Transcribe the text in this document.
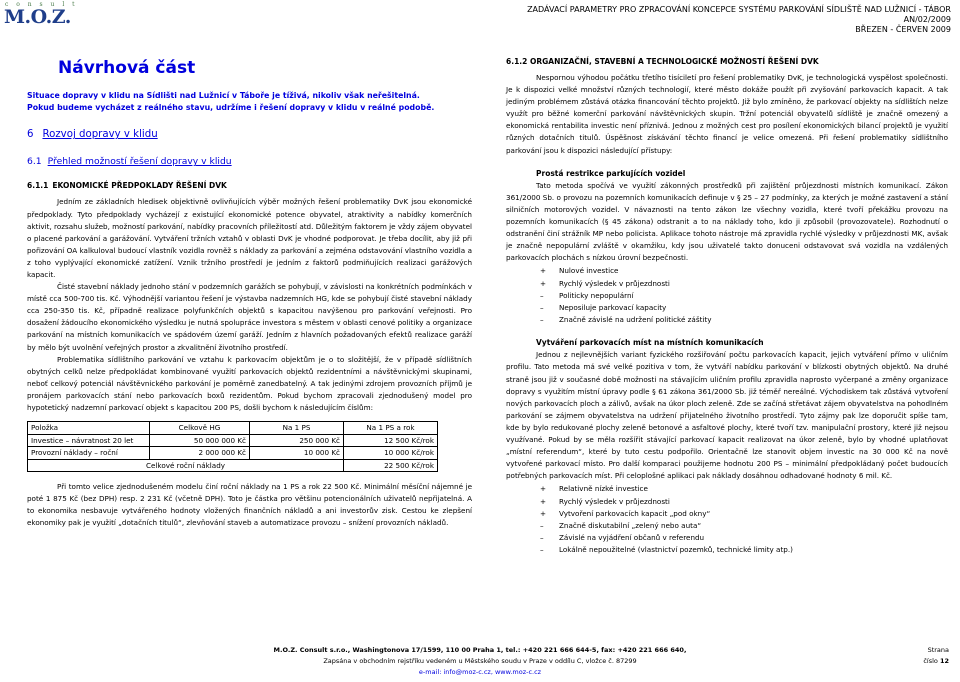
c o n s u l t
M.O.Z.	ZADÁVACÍ PARAMETRY PRO ZPRACOVÁNÍ KONCEPCE SYSTÉMU PARKOVÁNÍ SÍDLIŠTĚ NAD LUŽNICÍ - TÁBOR
AN/02/2009
BŘEZEN - ČERVEN 2009
Návrhová část
Situace dopravy v klidu na Sídlišti nad Lužnicí v Táboře je tíživá, nikoliv však neřešitelná.
Pokud budeme vycházet z reálného stavu, udržíme i řešení dopravy v klidu v reálné podobě.
6 Rozvoj dopravy v klidu
6.1 Přehled možností řešení dopravy v klidu
6.1.1 EKONOMICKÉ PŘEDPOKLADY ŘEŠENÍ DVK

Jedním ze základních hledisek objektivně ovlivňujících výběr možných řešení problematiky DvK jsou ekonomické předpoklady. Tyto předpoklady vycházejí z existující ekonomické potence obyvatel, atraktivity a nabídky komerčních aktivit, rozsahu služeb, možností parkování, nabídky pracovních příležitostí atd. Důležitým faktorem je vždy zájem obyvatel o placené parkování a garážování. Vytváření tržních vztahů v oblasti DvK je vhodné podporovat. Je třeba docílit, aby již při pořizování OA kalkuloval budoucí vlastník vozidla rovněž s náklady za parkování a zejména odstavování vlastního vozidla a z toho vyplývající ekonomické zatížení. Vznik tržního prostředí je jedním z faktorů podmiňujících realizaci garážových kapacit.

Čisté stavební náklady jednoho stání v podzemních garážích se pohybují, v závislosti na konkrétních podmínkách v místě cca 500-700 tis. Kč. Výhodnější variantou řešení je výstavba nadzemních HG, kde se pohybují čisté stavební náklady cca 250-350 tis. Kč, případně realizace polyfunkčních objektů s kapacitou navýšenou pro parkování veřejnosti. Pro dosažení žádoucího ekonomického výsledku je nutná spolupráce investora s městem v oblasti cenové politiky a organizace parkování na místních komunikacích ve spádovém území garáží. Jedním z hlavních požadovaných efektů realizace garáží by mělo být uvolnění veřejných prostor a zkvalitnění životního prostředí.

Problematika sídlištního parkování ve vztahu k parkovacím objektům je o to složitější, že v případě sídlištních obytných celků nelze předpokládat kombinované využití parkovacích objektů rezidentními a návštěvnickými skupinami, neboť celkový potenciál návštěvnického parkování je poměrně zanedbatelný. A tak jedinými zdrojem provozních příjmů je pronájem parkovacích stání nebo parkovacích boxů rezidentům. Pokud bychom zpracovali zjednodušený model pro hypotetický nadzemní parkovací objekt s kapacitou 200 PS, došli bychom k následujícím číslům:

Položka	Celkově HG	Na 1 PS	Na 1 PS a rok
Investice – návratnost 20 let	50 000 000 Kč	250 000 Kč	12 500 Kč/rok
Provozní náklady – roční	2 000 000 Kč	10 000 Kč	10 000 Kč/rok
Celkové roční náklady			22 500 Kč/rok

Při tomto velice zjednodušeném modelu činí roční náklady na 1 PS a rok 22 500 Kč. Minimální měsíční nájemné je poté 1 875 Kč (bez DPH) resp. 2 231 Kč (včetně DPH). Toto je částka pro většinu potencionálních uživatelů nepřijatelná. A to ekonomika nesbavuje vytvářeného hodnoty vložených finančních nákladů a ani investorův zisk. Cestou ke zlepšení ekonomiky pak je využití „dotačních titulů“, zlevňování staveb a automatizace provozu – snížení provozních nákladů.

6.1.2 ORGANIZAČNÍ, STAVEBNÍ A TECHNOLOGICKÉ MOŽNOSTÍ ŘEŠENÍ DVK

Nespornou výhodou počátku třetího tisíciletí pro řešení problematiky DvK, je technologická vyspělost společnosti. Je k dispozici velké množství různých technologií, které město dokáže použít při zvyšování parkovacích kapacit. A tak jediným problémem zůstává otázka financování těchto projektů. Již bylo zmíněno, že parkovací objekty na sídlištích nelze využít pro běžné komerční parkování návštěvnických skupin. Tržní potenciál obyvatelů sídliště je značně omezený a ekonomická rentabilita investic není příznivá. Jednou z možných cest pro posílení ekonomických bilancí projektů je využití různých dotačních titulů. Úspěšnost získávání těchto financí je velice omezená. Při řešení problematiky sídlištního parkování jsou k dispozici následující přístupy:

Prostá restrikce parkujících vozidel

Tato metoda spočívá ve využití zákonných prostředků při zajištění průjezdnosti místních komunikací. Zákon 361/2000 Sb. o provozu na pozemních komunikacích definuje v § 25 – 27 podmínky, za kterých je možné zastavení a stání silničních motorových vozidel. V návaznosti na tento zákon lze všechny vozidla, které tvoří překážku provozu na pozemních komunikacích (§ 45 zákona) odstranit a to na náklady toho, kdo ji způsobil (provozovatele). Rozhodnutí o odstranění činí strážník MP nebo policista. Aplikace tohoto nástroje má zpravidla rychlé výsledky v průjezdnosti MK, avšak je značně nepopulární zvláště v okamžiku, kdy jsou uživatelé takto donuceni odstavovat svá vozidla na vzdálených parkovacích plochách s nízkou úrovní bezpečnosti.

+	Nulové investice
+	Rychlý výsledek v průjezdnosti
–	Politicky nepopulární
–	Neposiluje parkovací kapacity
–	Značně závislé na udržení politické záštity
Vytváření parkovacích míst na místních komunikacích

Jednou z nejlevnějších variant fyzického rozšiřování počtu parkovacích kapacit, jejich vytváření přímo v uličním profilu. Tato metoda má své velké pozitiva v tom, že vytváří nabídku parkování v blízkosti obytných objektů. Na druhé straně jsou již v současné době možnosti na stávajícím uličním profilu zpravidla naprosto vyčerpané a změny organizace dopravy s využitím místní úpravy podle § 61 zákona 361/2000 Sb. již téměř nereálné. Východiskem tak zůstává vytvoření nových parkovacích ploch a zálivů, avšak na úkor ploch zeleně. Zde se začíná střetávat zájem obyvatelstva na pohodlném parkování se zájmem obyvatelstva na udržení přijatelného životního prostředí. Tyto zájmy pak lze doporučit spíše tam, kde by bylo redukované plochy zeleně betonové a asfaltové plochy, které tvoří tzv. manipulační prostory, které již nejsou využívané. Pokud by se měla rozšířit stávající parkovací kapacit realizovat na úkor zeleně, bylo by vhodné uplatňovat „místní referendum“, které by tuto cestu podpořilo. Orientačně lze stanovit objem investic na 30 000 Kč na nově vytvořené parkovací místo. Pro další komparaci použijeme hodnotu 200 PS – minimální předpokládaný počet budoucích potřebných parkovacích míst. Při celoplošné aplikaci pak náklady dosáhnou odhadované hodnoty 6 mil. Kč.

+	Relativně nízké investice
+	Rychlý výsledek v průjezdnosti
+	Vytvoření parkovacích kapacit „pod okny“
–	Značně diskutabilní „zelený nebo auta“
–	Závislé na vyjádření občanů v referendu
–	Lokálně nepoužitelné (vlastnictví pozemků, technické limity atp.)
M.O.Z. Consult s.r.o., Washingtonova 17/1599, 110 00 Praha 1, tel.: +420 221 666 644-5, fax: +420 221 666 640,
Zapsána v obchodním rejstříku vedeném u Městského soudu v Praze v oddílu C, vložce č. 87299
e-mail: info@moz-c.cz, www.moz-c.cz
Strana
číslo 12
